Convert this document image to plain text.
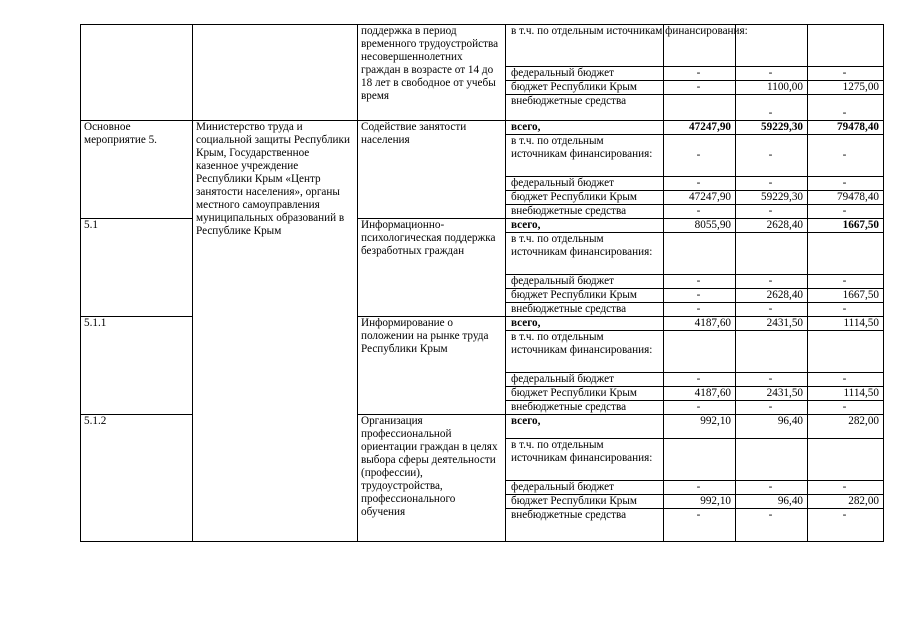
		поддержка в период временного трудоустройства несовершеннолетних граждан в возрасте от 14 до 18 лет в свободное от учебы время	в т.ч. по отдельным источникам финансирования:			
			федеральный бюджет	-	-	-
			бюджет Республики Крым	-	1100,00	1275,00
			внебюджетные средства		-	-
Основное мероприятие 5.	Министерство труда и социальной защиты Республики Крым, Государственное казенное учреждение Республики Крым «Центр занятости населения», органы местного самоуправления муниципальных образований в Республике Крым	Содействие занятости населения	всего,	47247,90	59229,30	79478,40
			в т.ч. по отдельным источникам финансирования:	-	-	-
			федеральный бюджет	-	-	-
			бюджет Республики Крым	47247,90	59229,30	79478,40
			внебюджетные средства	-	-	-
5.1		Информационно-психологическая поддержка безработных граждан	всего,	8055,90	2628,40	1667,50
			в т.ч. по отдельным источникам финансирования:			
			федеральный бюджет	-	-	-
			бюджет Республики Крым	-	2628,40	1667,50
			внебюджетные средства	-	-	-
5.1.1		Информирование о положении на рынке труда Республики Крым	всего,	4187,60	2431,50	1114,50
			в т.ч. по отдельным источникам финансирования:			
			федеральный бюджет	-	-	-
			бюджет Республики Крым	4187,60	2431,50	1114,50
			внебюджетные средства	-	-	-
5.1.2		Организация профессиональной ориентации граждан в целях выбора сферы деятельности (профессии), трудоустройства, профессионального обучения	всего,	992,10	96,40	282,00
			в т.ч. по отдельным источникам финансирования:			
			федеральный бюджет	-	-	-
			бюджет Республики Крым	992,10	96,40	282,00
			внебюджетные средства	-	-	-
